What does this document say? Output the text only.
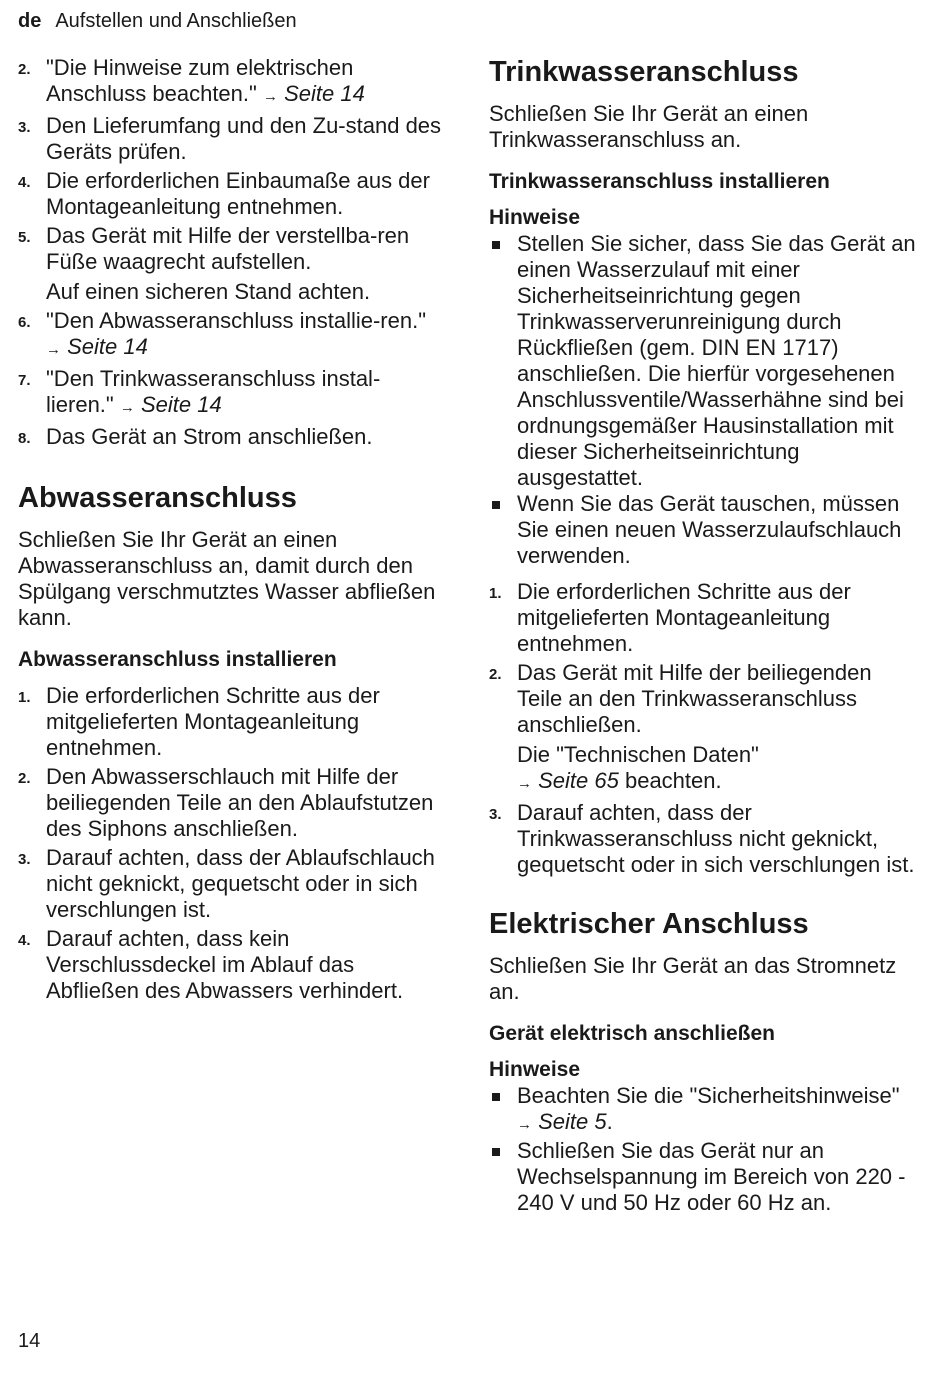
de Aufstellen und Anschließen
2. "Die Hinweise zum elektrischen Anschluss beachten." → Seite 14
3. Den Lieferumfang und den Zu-stand des Geräts prüfen.
4. Die erforderlichen Einbaumaße aus der Montageanleitung entnehmen.
5. Das Gerät mit Hilfe der verstellba-ren Füße waagrecht aufstellen.
Auf einen sicheren Stand achten.
6. "Den Abwasseranschluss installie-ren." → Seite 14
7. "Den Trinkwasseranschluss instal-lieren." → Seite 14
8. Das Gerät an Strom anschließen.
Abwasseranschluss

Schließen Sie Ihr Gerät an einen Abwasseranschluss an, damit durch den Spülgang verschmutztes Wasser abfließen kann.

Abwasseranschluss installieren
1. Die erforderlichen Schritte aus der mitgelieferten Montageanleitung entnehmen.
2. Den Abwasserschlauch mit Hilfe der beiliegenden Teile an den Ablaufstutzen des Siphons anschließen.
3. Darauf achten, dass der Ablaufschlauch nicht geknickt, gequetscht oder in sich verschlungen ist.
4. Darauf achten, dass kein Verschlussdeckel im Ablauf das Abfließen des Abwassers verhindert.
Trinkwasseranschluss

Schließen Sie Ihr Gerät an einen Trinkwasseranschluss an.

Trinkwasseranschluss installieren
Hinweise
Stellen Sie sicher, dass Sie das Gerät an einen Wasserzulauf mit einer Sicherheitseinrichtung gegen Trinkwasserverunreinigung durch Rückfließen (gem. DIN EN 1717) anschließen. Die hierfür vorgesehenen Anschlussventile/Wasserhähne sind bei ordnungsgemäßer Hausinstallation mit dieser Sicherheitseinrichtung ausgestattet.
Wenn Sie das Gerät tauschen, müssen Sie einen neuen Wasserzulaufschlauch verwenden.
1. Die erforderlichen Schritte aus der mitgelieferten Montageanleitung entnehmen.
2. Das Gerät mit Hilfe der beiliegenden Teile an den Trinkwasseranschluss anschließen.
Die "Technischen Daten"
→ Seite 65 beachten.
3. Darauf achten, dass der Trinkwasseranschluss nicht geknickt, gequetscht oder in sich verschlungen ist.
Elektrischer Anschluss

Schließen Sie Ihr Gerät an das Stromnetz an.

Gerät elektrisch anschließen
Hinweise
Beachten Sie die "Sicherheitshinweise" → Seite 5.
Schließen Sie das Gerät nur an Wechselspannung im Bereich von 220 - 240 V und 50 Hz oder 60 Hz an.
14
